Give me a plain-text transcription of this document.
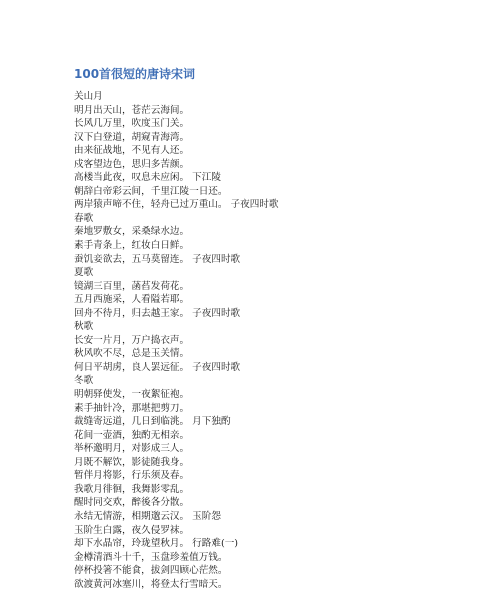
100首很短的唐诗宋词
关山月
明月出天山，苍茫云海间。
长风几万里，吹度玉门关。
汉下白登道，胡窥青海湾。
由来征战地，不见有人还。
戍客望边色，思归多苦颜。
高楼当此夜，叹息未应闲。 下江陵
朝辞白帝彩云间，千里江陵一日还。
两岸猿声啼不住，轻舟已过万重山。 子夜四时歌
春歌
秦地罗敷女，采桑绿水边。
素手青条上，红妆白日鲜。
蚕饥妾欲去，五马莫留连。 子夜四时歌
夏歌
镜湖三百里，菡萏发荷花。
五月西施采，人看隘若耶。
回舟不待月，归去越王家。 子夜四时歌
秋歌
长安一片月，万户捣衣声。
秋风吹不尽，总是玉关情。
何日平胡虏，良人罢远征。 子夜四时歌
冬歌
明朝驿使发，一夜絮征袍。
素手抽针冷，那堪把剪刀。
裁缝寄远道，几日到临洮。 月下独酌
花间一壶酒，独酌无相亲。
举杯邀明月，对影成三人。
月既不解饮，影徒随我身。
暂伴月将影，行乐须及春。
我歌月徘徊，我舞影零乱。
醒时同交欢，醉後各分散。
永结无情游，相期邈云汉。 玉阶怨
玉阶生白露，夜久侵罗袜。
却下水晶帘，玲珑望秋月。 行路难(一)
金樽清酒斗十千，玉盘珍羞值万钱。
停杯投箸不能食，拔剑四顾心茫然。
欲渡黄河冰塞川，将登太行雪暗天。
